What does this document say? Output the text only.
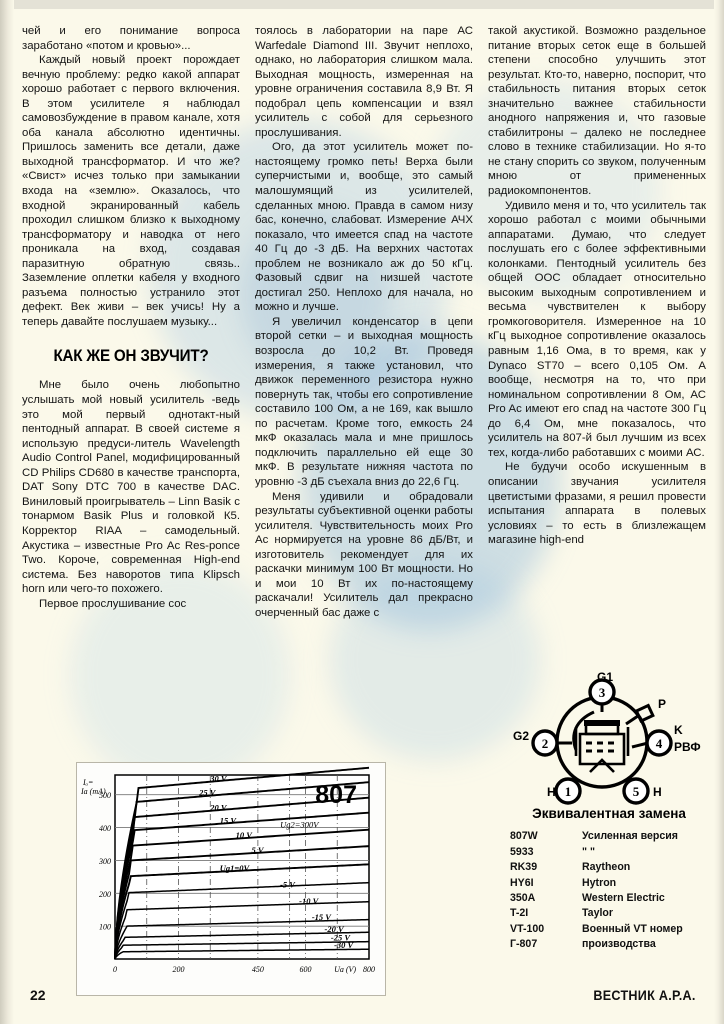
чей и его понимание вопроса заработано «потом и кровью»...

Каждый новый проект порождает вечную проблему: редко какой аппарат хорошо работает с первого включения. В этом усилителе я наблюдал самовозбуждение в правом канале, хотя оба канала абсолютно идентичны. Пришлось заменить все детали, даже выходной трансформатор. И что же? «Свист» исчез только при замыкании входа на «землю». Оказалось, что входной экранированный кабель проходил слишком близко к выходному трансформатору и наводка от него проникала на вход, создавая паразитную обратную связь.. Заземление оплетки кабеля у входного разъема полностью устранило этот дефект. Век живи – век учись! Ну а теперь давайте послушаем музыку...

КАК ЖЕ ОН ЗВУЧИТ?

Мне было очень любопытно услышать мой новый усилитель -ведь это мой первый однотакт-ный пентодный аппарат. В своей системе я использую предуси-литель Wavelength Audio Control Panel, модифицированный CD Philips CD680 в качестве транспорта, DAT Sony DTC 700 в качестве DAC. Виниловый проигрыватель – Linn Basik с тонармом Basik Plus и головкой К5. Корректор RIAA – самодельный. Акустика – известные Pro Ac Res-ponce Two. Короче, современная High-end система. Без наворотов типа Klipsch horn или чего-то похожего.

Первое прослушивание сос

тоялось в лаборатории на паре АС Warfedale Diamond III. Звучит неплохо, однако, но лаборатория слишком мала. Выходная мощность, измеренная на уровне ограничения составила 8,9 Вт. Я подобрал цепь компенсации и взял усилитель с собой для серьезного прослушивания.

Ого, да этот усилитель может по-настоящему громко петь! Верха были суперчистыми и, вообще, это самый малошумящий из усилителей, сделанных мною. Правда в самом низу бас, конечно, слабоват. Измерение АЧХ показало, что имеется спад на частоте 40 Гц до -3 дБ. На верхних частотах проблем не возникало аж до 50 кГц. Фазовый сдвиг на низшей частоте достигал 250. Неплохо для начала, но можно и лучше.

Я увеличил конденсатор в цепи второй сетки – и выходная мощность возросла до 10,2 Вт. Проведя измерения, я также установил, что движок переменного резистора нужно повернуть так, чтобы его сопротивление составило 100 Ом, а не 169, как вышло по расчетам. Кроме того, емкость 24 мкФ оказалась мала и мне пришлось подключить параллельно ей еще 30 мкФ. В результате нижняя частота по уровню -3 дБ съехала вниз до 22,6 Гц.

Меня удивили и обрадовали результаты субъективной оценки работы усилителя. Чувствительность моих Pro Ac нормируется на уровне 86 дБ/Вт, и изготовитель рекомендует для их раскачки минимум 100 Вт мощности. Но и мои 10 Вт их по-настоящему раскачали! Усилитель дал прекрасно очерченный бас даже с

такой акустикой. Возможно раздельное питание вторых сеток еще в большей степени способно улучшить этот результат. Кто-то, наверно, поспорит, что стабильность питания вторых сеток значительно важнее стабильности анодного напряжения и, что газовые стабилитроны – далеко не последнее слово в технике стабилизации. Но я-то не стану спорить со звуком, полученным мною от примененных радиокомпонентов.

Удивило меня и то, что усилитель так хорошо работал с моими обычными аппаратами. Думаю, что следует послушать его с более эффективными колонками. Пентодный усилитель без общей ООС обладает относительно высоким выходным сопротивлением и весьма чувствителен к выбору громкоговорителя. Измеренное на 10 кГц выходное сопротивление оказалось равным 1,16 Ома, в то время, как у Dynaco ST70 – всего 0,105 Ом. А вообще, несмотря на то, что при номинальном сопротивлении 8 Ом, АС Pro Ac имеют его спад на частоте 300 Гц до 6,4 Ом, мне показалось, что усилитель на 807-й был лучшим из всех тех, когда-либо работавших с моими АС.

Не будучи особо искушенным в описании звучания усилителя цветистыми фразами, я решил провести испытания аппарата в полевых условиях – то есть в близлежащем магазине high-end

100
200
300
400
500
0	200	450	600	800
30 V
25 V
20 V
15 V
10 V
5 V
Ug1=0V
-5 V
-10 V
-15 V
-20 V
-25 V
-30 V
Ug2=300V
Ua (V)
Iₐ=
Ia (mA)	807
3
2	4
1	5
G1
G2	K
PВФ
H	H
P
Эквивалентная замена
807W	Усиленная версия
5933	" "
RK39	Raytheon
HY6I	Hytron
350A	Western Electric
T-2I	Taylor
VT-100	Военный VT номер
Г-807	производства
22	ВЕСТНИК А.Р.А.
